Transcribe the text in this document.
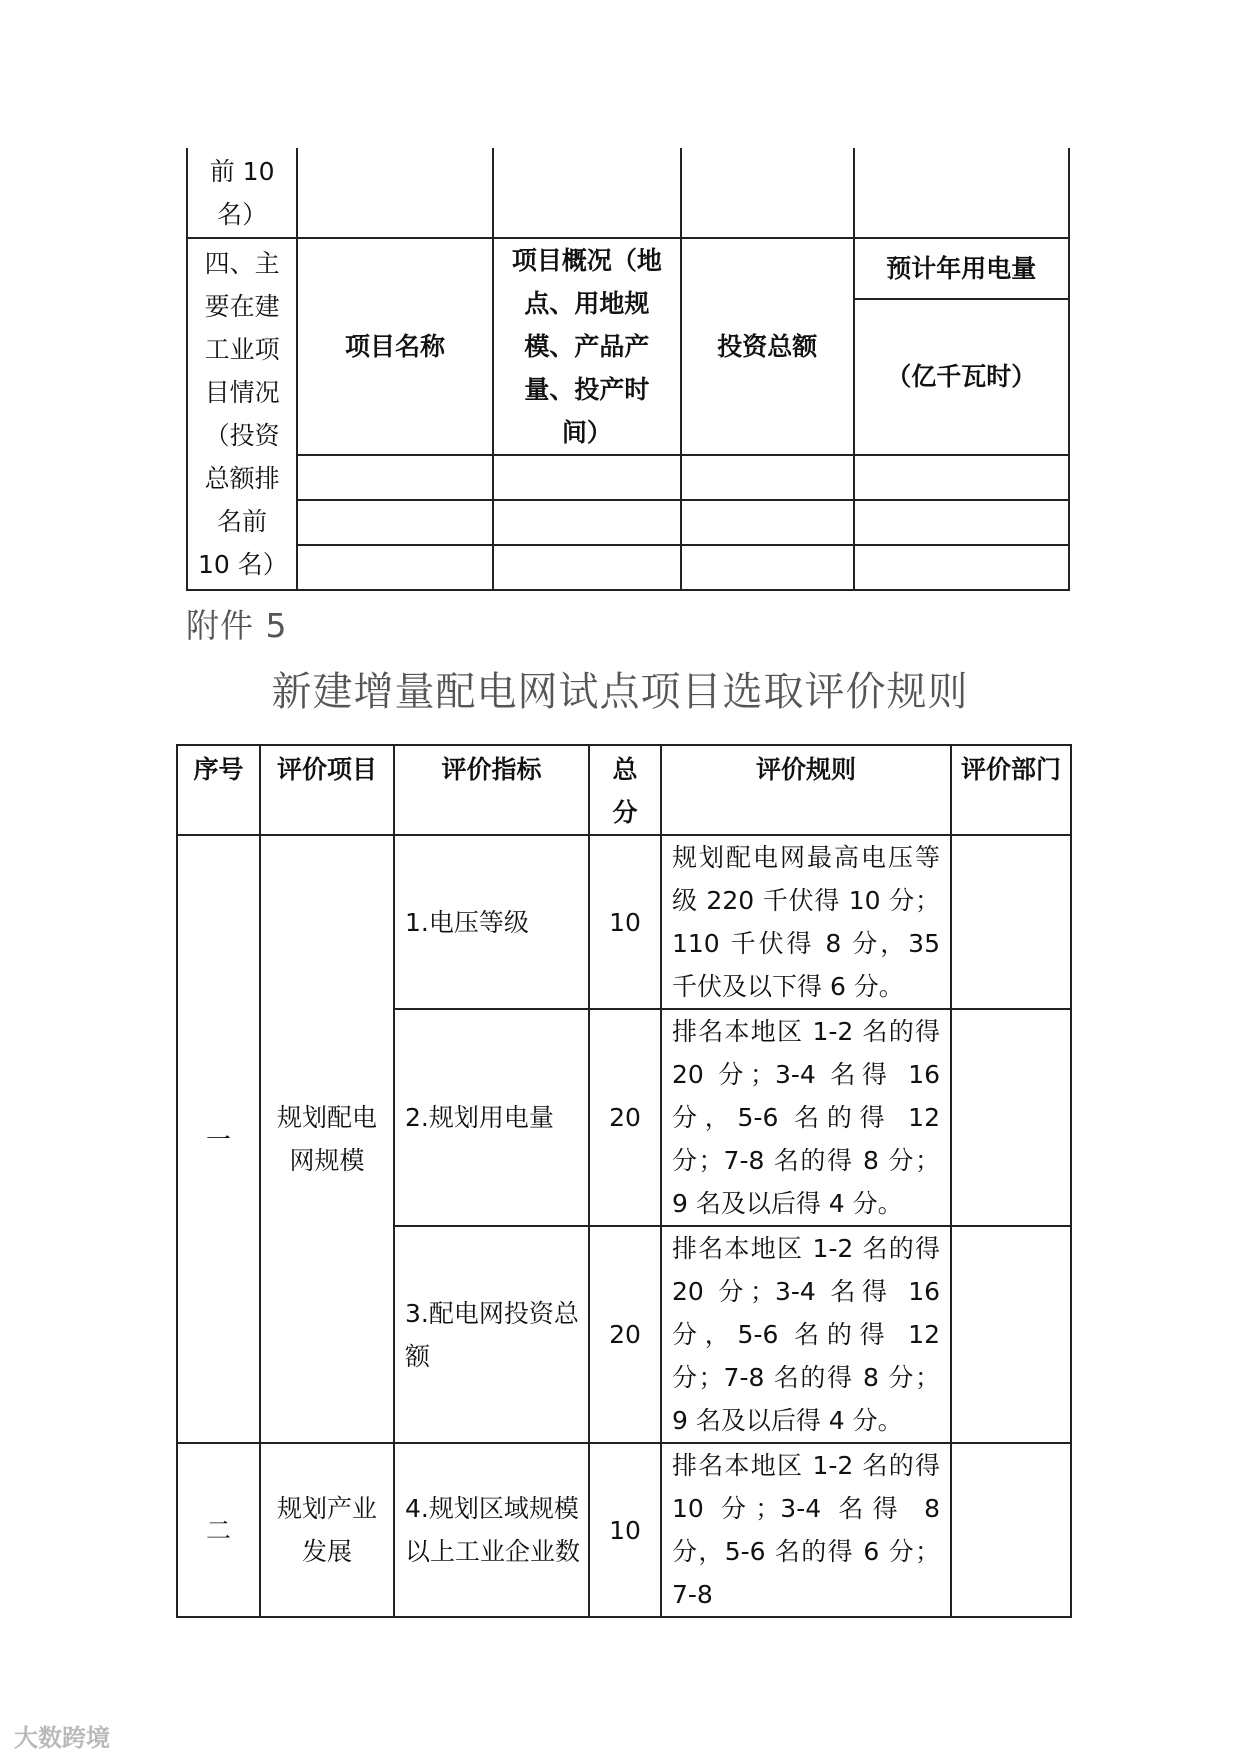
前 10 名）				
四、主要在建工业项目情况（投资总额排名前 10 名）	项目名称	项目概况（地点、用地规模、产品产量、投产时间）	投资总额	预计年用电量
				（亿千瓦时）

附件 5
新建增量配电网试点项目选取评价规则
序号	评价项目	评价指标	总分	评价规则	评价部门
一	规划配电网规模	1.电压等级	10	规划配电网最高电压等级 220 千伏得 10 分；110 千伏得 8 分，35 千伏及以下得 6 分。	
		2.规划用电量	20	排名本地区 1-2 名的得 20 分；3-4 名得 16 分，5-6 名的得 12 分；7-8 名的得 8 分；9 名及以后得 4 分。	
		3.配电网投资总额	20	排名本地区 1-2 名的得 20 分；3-4 名得 16 分，5-6 名的得 12 分；7-8 名的得 8 分；9 名及以后得 4 分。	
二	规划产业发展	4.规划区域规模以上工业企业数	10	排名本地区 1-2 名的得 10 分；3-4 名得 8 分，5-6 名的得 6 分；7-8	
大数跨境
